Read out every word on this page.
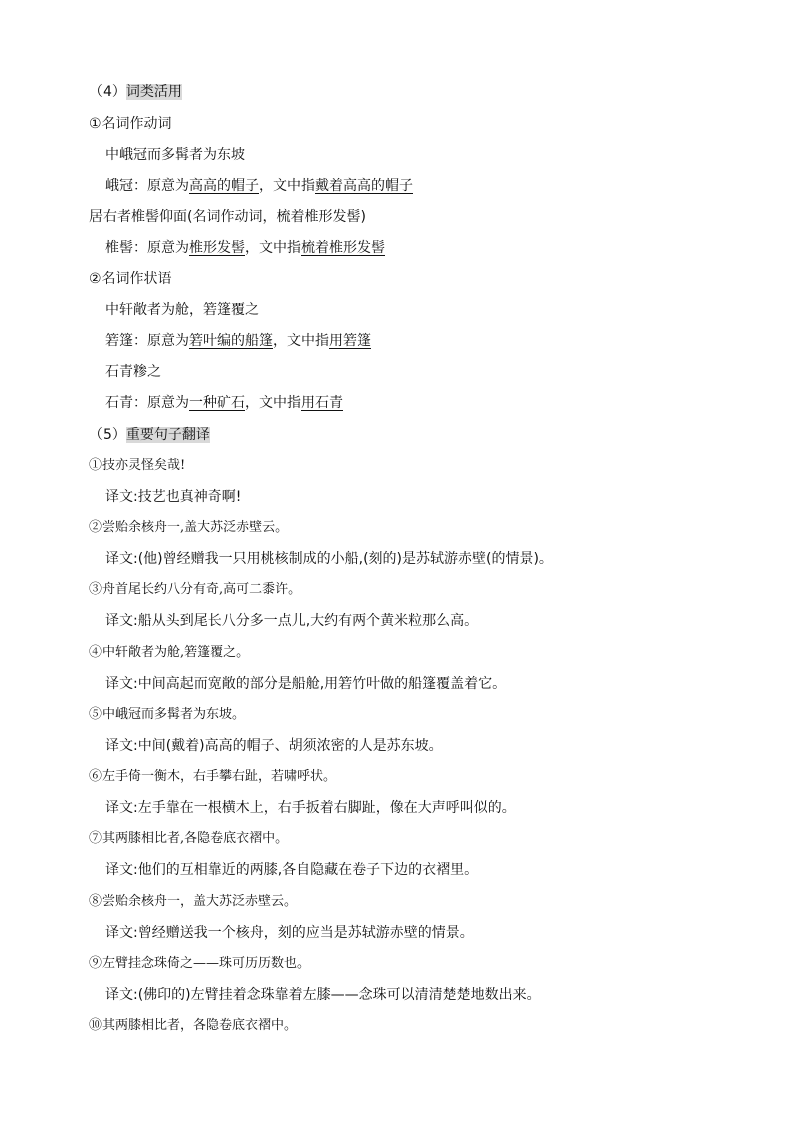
（4）词类活用
①名词作动词
中峨冠而多髯者为东坡
峨冠：原意为高高的帽子，文中指戴着高高的帽子
居右者椎髻仰面(名词作动词，梳着椎形发髻)
椎髻：原意为椎形发髻，文中指梳着椎形发髻
②名词作状语
中轩敞者为舱，箬篷覆之
箬篷：原意为箬叶编的船篷，文中指用箬篷
石青糁之
石青：原意为一种矿石，文中指用石青
（5）重要句子翻译
①技亦灵怪矣哉!
译文:技艺也真神奇啊!
②尝贻余核舟一,盖大苏泛赤壁云。
译文:(他)曾经赠我一只用桃核制成的小船,(刻的)是苏轼游赤壁(的情景)。
③舟首尾长约八分有奇,高可二黍许。
译文:船从头到尾长八分多一点儿,大约有两个黄米粒那么高。
④中轩敞者为舱,箬篷覆之。
译文:中间高起而宽敞的部分是船舱,用箬竹叶做的船篷覆盖着它。
⑤中峨冠而多髯者为东坡。
译文:中间(戴着)高高的帽子、胡须浓密的人是苏东坡。
⑥左手倚一衡木，右手攀右趾，若啸呼状。
译文:左手靠在一根横木上，右手扳着右脚趾，像在大声呼叫似的。
⑦其两膝相比者,各隐卷底衣褶中。
译文:他们的互相靠近的两膝,各自隐藏在卷子下边的衣褶里。
⑧尝贻余核舟一，盖大苏泛赤壁云。
译文:曾经赠送我一个核舟，刻的应当是苏轼游赤壁的情景。
⑨左臂挂念珠倚之——珠可历历数也。
译文:(佛印的)左臂挂着念珠靠着左膝——念珠可以清清楚楚地数出来。
⑩其两膝相比者，各隐卷底衣褶中。
